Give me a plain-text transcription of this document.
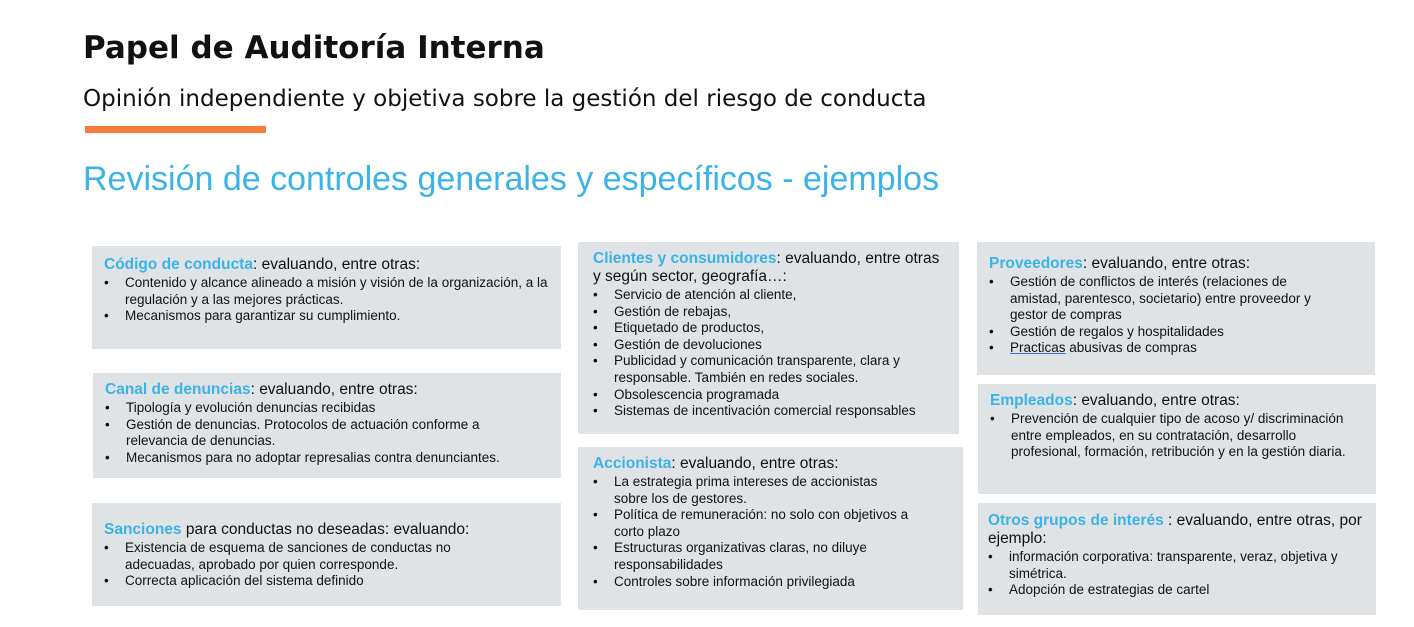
Papel de Auditoría Interna
Opinión independiente y objetiva sobre la gestión del riesgo de conducta
Revisión de controles generales y específicos - ejemplos
Código de conducta: evaluando, entre otras:
• Contenido y alcance alineado a misión y visión de la organización, a la regulación y a las mejores prácticas.
• Mecanismos para garantizar su cumplimiento.
Canal de denuncias: evaluando, entre otras:
• Tipología y evolución denuncias recibidas
• Gestión de denuncias. Protocolos de actuación conforme a relevancia de denuncias.
• Mecanismos para no adoptar represalias contra denunciantes.
Sanciones para conductas no deseadas: evaluando:
• Existencia de esquema de sanciones de conductas no adecuadas, aprobado por quien corresponde.
• Correcta aplicación del sistema definido
Clientes y consumidores: evaluando, entre otras y según sector, geografía…:
• Servicio de atención al cliente,
• Gestión de rebajas,
• Etiquetado de productos,
• Gestión de devoluciones
• Publicidad y comunicación transparente, clara y responsable. También en redes sociales.
• Obsolescencia programada
• Sistemas de incentivación comercial responsables
Accionista: evaluando, entre otras:
• La estrategia prima intereses de accionistas sobre los de gestores.
• Política de remuneración: no solo con objetivos a corto plazo
• Estructuras organizativas claras, no diluye responsabilidades
• Controles sobre información privilegiada
Proveedores: evaluando, entre otras:
• Gestión de conflictos de interés (relaciones de amistad, parentesco, societario) entre proveedor y gestor de compras
• Gestión de regalos y hospitalidades
• Practicas abusivas de compras
Empleados: evaluando, entre otras:
• Prevención de cualquier tipo de acoso y/ discriminación entre empleados, en su contratación, desarrollo profesional, formación, retribución y en la gestión diaria.
Otros grupos de interés : evaluando, entre otras, por ejemplo:
• información corporativa: transparente, veraz, objetiva y simétrica.
• Adopción de estrategias de cartel
